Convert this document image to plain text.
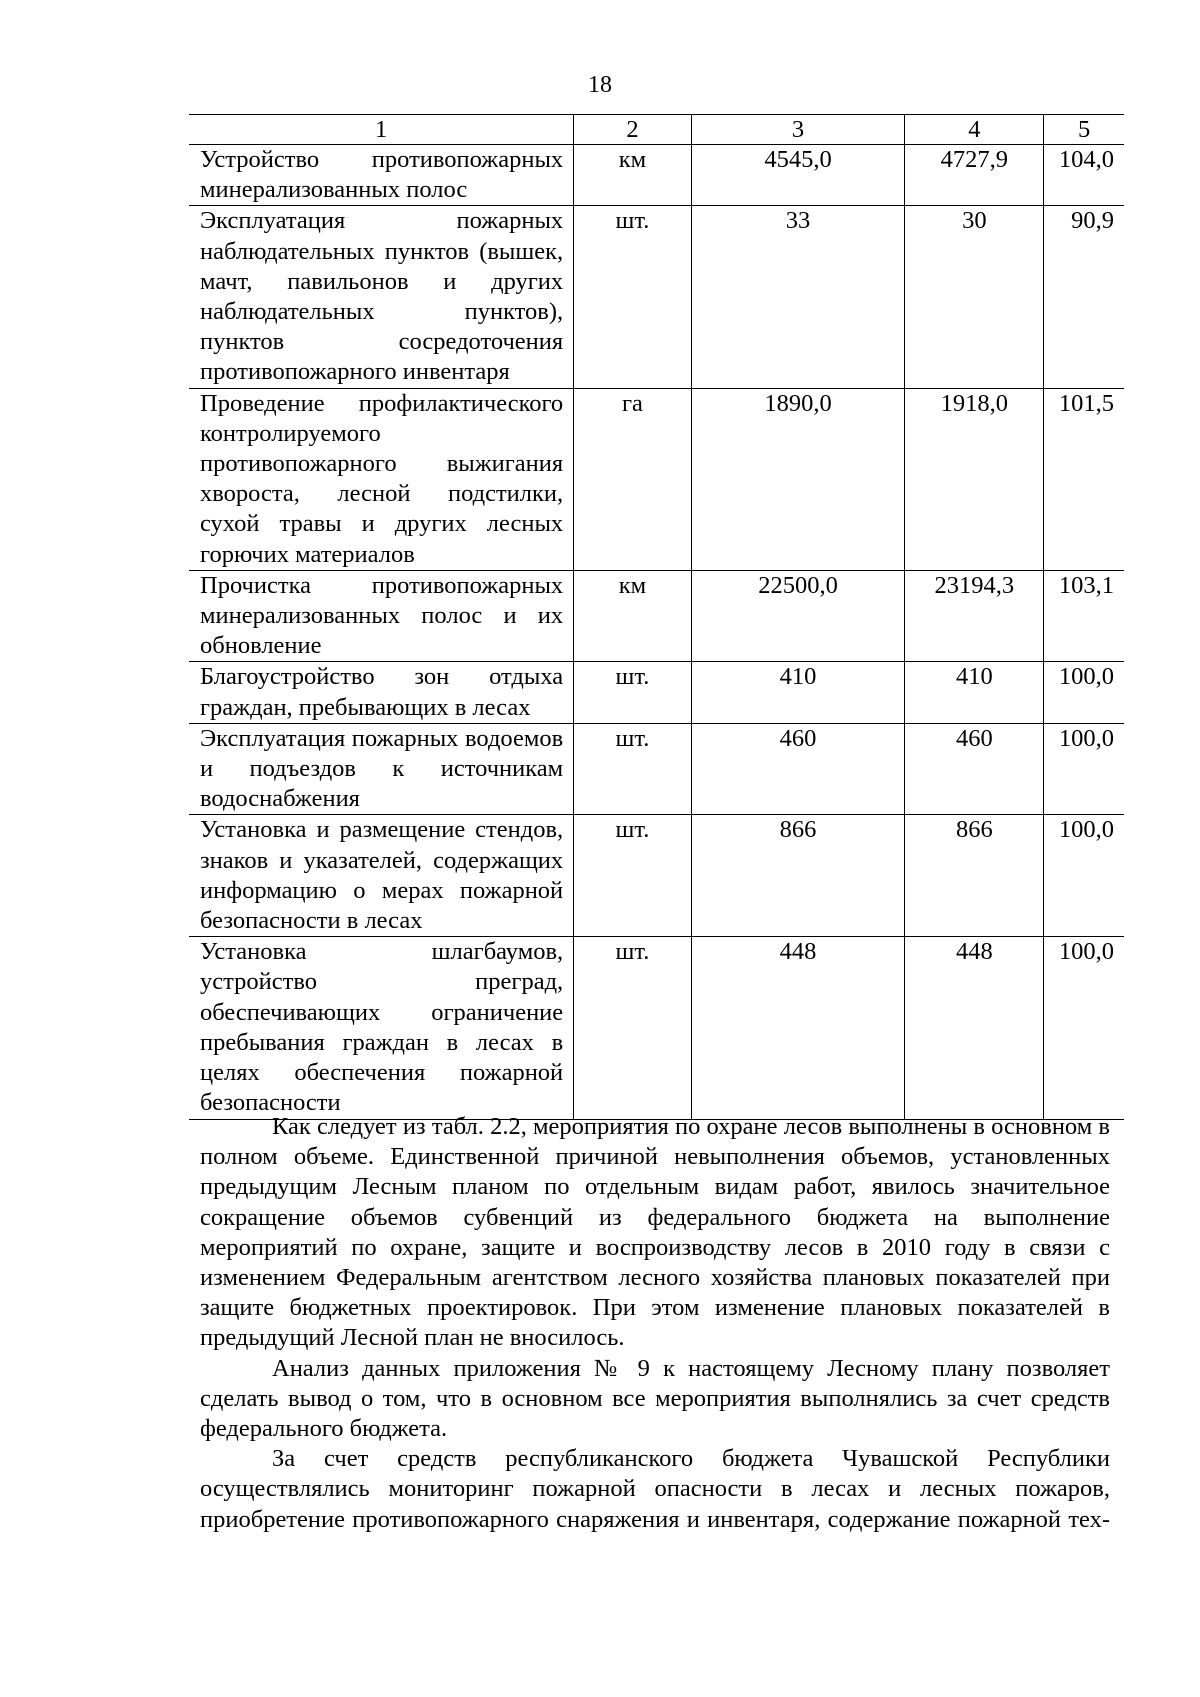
18
1	2	3	4	5
Устройство противопожарных минерализованных полос	км	4545,0	4727,9	104,0
Эксплуатация пожарных наблюдательных пунктов (вышек, мачт, павильонов и других наблюдательных пунктов), пунктов сосредоточения противопожарного инвентаря	шт.	33	30	90,9
Проведение профилактического контролируемого противопожарного выжигания хвороста, лесной подстилки, сухой травы и других лесных горючих материалов	га	1890,0	1918,0	101,5
Прочистка противопожарных минерализованных полос и их обновление	км	22500,0	23194,3	103,1
Благоустройство зон отдыха граждан, пребывающих в лесах	шт.	410	410	100,0
Эксплуатация пожарных водоемов и подъездов к источникам водоснабжения	шт.	460	460	100,0
Установка и размещение стендов, знаков и указателей, содержащих информацию о мерах пожарной безопасности в лесах	шт.	866	866	100,0
Установка шлагбаумов, устройство преград, обеспечивающих ограничение пребывания граждан в лесах в целях обеспечения пожарной безопасности	шт.	448	448	100,0

Как следует из табл. 2.2, мероприятия по охране лесов выполнены в основном в полном объеме. Единственной причиной невыполнения объемов, установленных предыдущим Лесным планом по отдельным видам работ, явилось значительное сокращение объемов субвенций из федерального бюджета на выполнение мероприятий по охране, защите и воспроизводству лесов в 2010 году в связи с изменением Федеральным агентством лесного хозяйства плановых показателей при защите бюджетных проектировок. При этом изменение плановых показателей в предыдущий Лесной план не вносилось.

Анализ данных приложения № 9 к настоящему Лесному плану позволяет сделать вывод о том, что в основном все мероприятия выполнялись за счет средств федерального бюджета.

За счет средств республиканского бюджета Чувашской Республики осуществлялись мониторинг пожарной опасности в лесах и лесных пожаров, приобретение противопожарного снаряжения и инвентаря, содержание пожарной тех-
